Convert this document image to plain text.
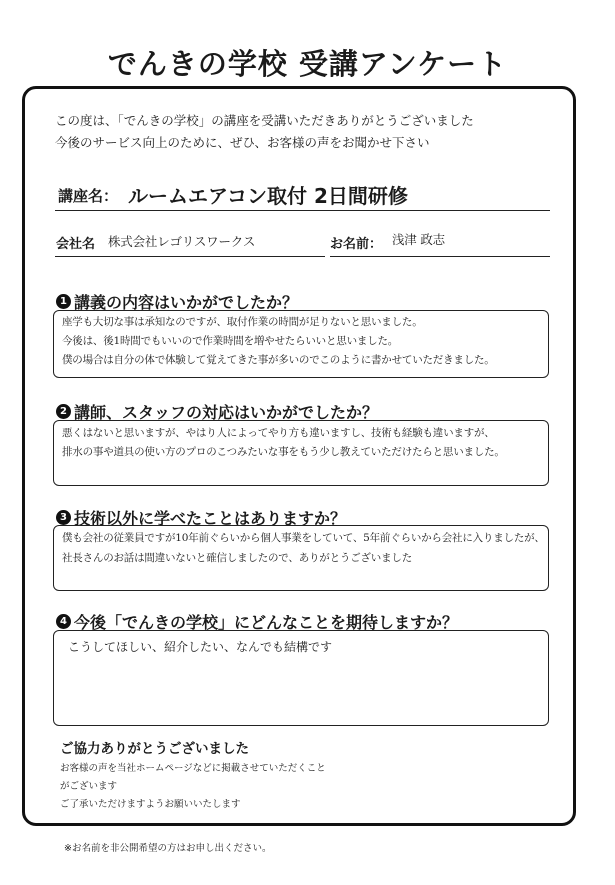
でんきの学校 受講アンケート
この度は、「でんきの学校」の講座を受講いただきありがとうございました
今後のサービス向上のために、ぜひ、お客様の声をお聞かせ下さい
講座名： ルームエアコン取付 2日間研修
会社名 株式会社レゴリスワークス	お名前： 浅津 政志
1 講義の内容はいかがでしたか？
座学も大切な事は承知なのですが、取付作業の時間が足りないと思いました。
今後は、後1時間でもいいので作業時間を増やせたらいいと思いました。
僕の場合は自分の体で体験して覚えてきた事が多いのでこのように書かせていただきました。
2 講師、スタッフの対応はいかがでしたか？
悪くはないと思いますが、やはり人によってやり方も違いますし、技術も経験も違いますが、
排水の事や道具の使い方のプロのこつみたいな事をもう少し教えていただけたらと思いました。
3 技術以外に学べたことはありますか？
僕も会社の従業員ですが10年前ぐらいから個人事業をしていて、5年前ぐらいから会社に入りましたが、
社長さんのお話は間違いないと確信しましたので、ありがとうございました
4 今後「でんきの学校」にどんなことを期待しますか？
こうしてほしい、紹介したい、なんでも結構です
ご協力ありがとうございました
お客様の声を当社ホームページなどに掲載させていただくこと
がございます
ご了承いただけますようお願いいたします
※お名前を非公開希望の方はお申し出ください。
